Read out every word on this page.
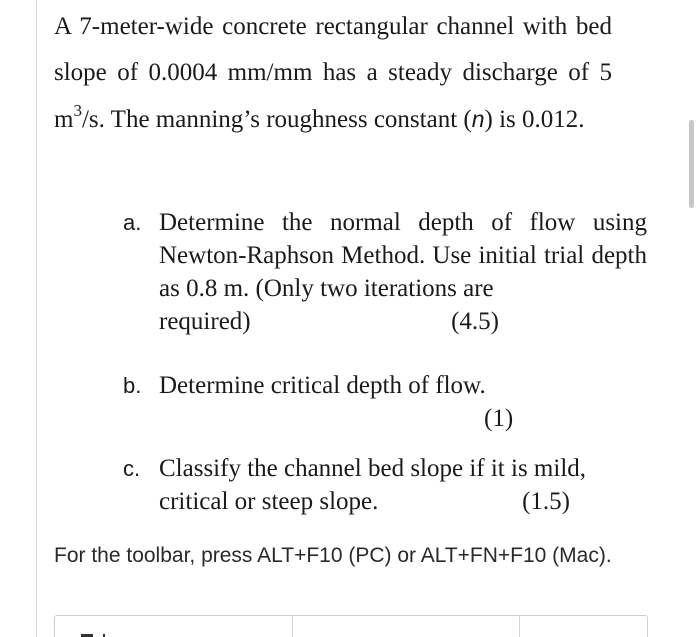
A 7-meter-wide concrete rectangular channel with bed slope of 0.0004 mm/mm has a steady discharge of 5 $m^3/s$. The manning’s roughness constant (n) is 0.012.
a. Determine the normal depth of flow using Newton-Raphson Method. Use initial trial depth as 0.8 m. (Only two iterations are
required)	(4.5)
b. Determine critical depth of flow.
(1)
c. Classify the channel bed slope if it is mild,
critical or steep slope.	(1.5)
For the toolbar, press ALT+F10 (PC) or ALT+FN+F10 (Mac).
